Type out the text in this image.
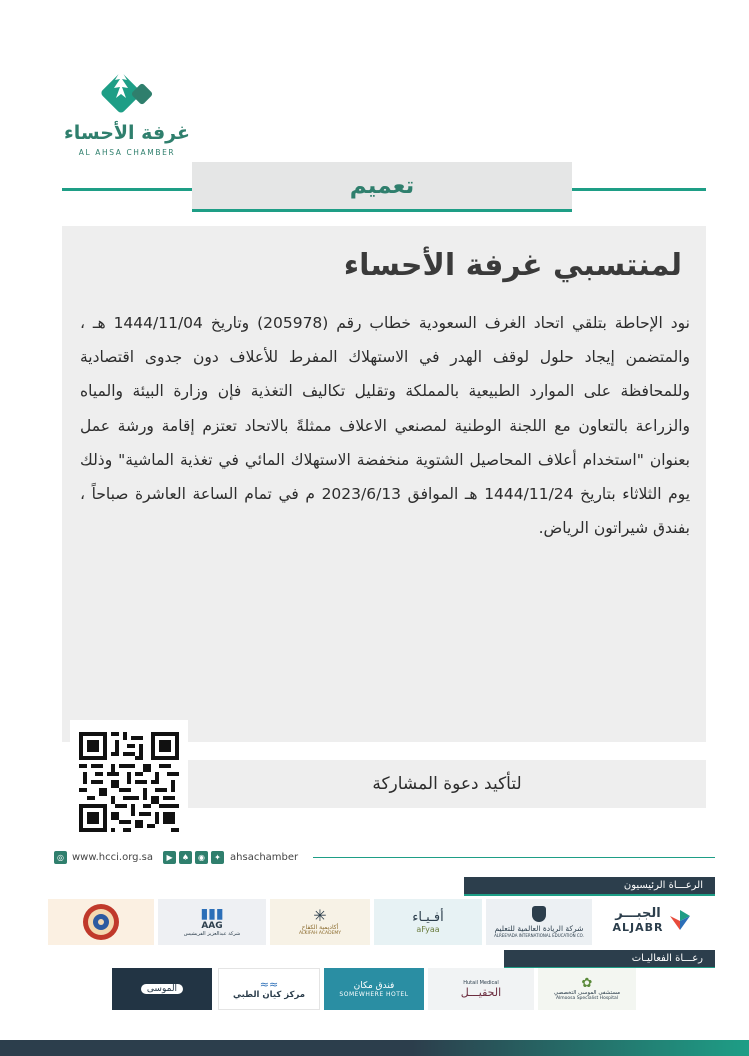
غرفة الأحساء
AL AHSA CHAMBER
تعميم
لمنتسبي غرفة الأحساء
نود الإحاطة بتلقي اتحاد الغرف السعودية خطاب رقم (205978) وتاريخ 1444/11/04 هـ ، والمتضمن إيجاد حلول لوقف الهدر في الاستهلاك المفرط للأعلاف دون جدوى اقتصادية وللمحافظة على الموارد الطبيعية بالمملكة وتقليل تكاليف التغذية فإن وزارة البيئة والمياه والزراعة بالتعاون مع اللجنة الوطنية لمصنعي الاعلاف ممثلةً بالاتحاد تعتزم إقامة ورشة عمل بعنوان "استخدام أعلاف المحاصيل الشتوية منخفضة الاستهلاك المائي في تغذية الماشية" وذلك يوم الثلاثاء بتاريخ 1444/11/24 هـ الموافق 2023/6/13 م في تمام الساعة العاشرة صباحاً ، بفندق شيراتون الرياض.
لتأكيد دعوة المشاركة
◎ www.hcci.org.sa	▶	♠	◉	✦ ahsachamber
الرعـــاة الرئيسيون
الجبـــر
ALJABR
شركة الريادة العالمية للتعليم
ALREEYADA INTERNATIONAL EDUCATION CO.
أفـيـاء
aFyaa
✳
أكاديمية الكفاح
ALKIFAH ACADEMY
▮▮▮
AAG
شركة عبدالعزيز الفريشيس
رعـــاة الفعاليـات
✿
مستشفى الموسى التخصصي
Almoosa Specialist Hospital
Hutail Medical
الحقيـــل
فندق مكان
SOMEWHERE HOTEL
≈≈
مركز كيان الطبي
الموسى
